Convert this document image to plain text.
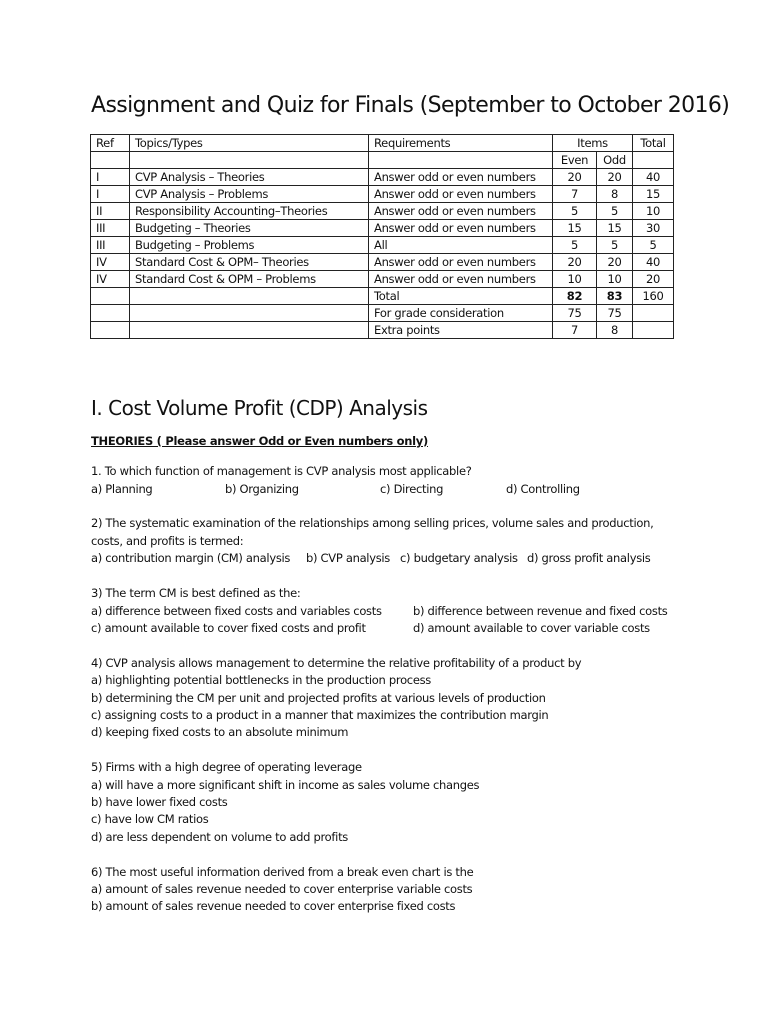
Assignment and Quiz for Finals (September to October 2016)
Ref	Topics/Types	Requirements	Items		Total
			Even	Odd	
I	CVP Analysis – Theories	Answer odd or even numbers	20	20	40
I	CVP Analysis – Problems	Answer odd or even numbers	7	8	15
II	Responsibility Accounting–Theories	Answer odd or even numbers	5	5	10
III	Budgeting – Theories	Answer odd or even numbers	15	15	30
III	Budgeting – Problems	All	5	5	5
IV	Standard Cost & OPM– Theories	Answer odd or even numbers	20	20	40
IV	Standard Cost & OPM – Problems	Answer odd or even numbers	10	10	20
		Total	82	83	160
		For grade consideration	75	75	
		Extra points	7	8	
I. Cost Volume Profit (CDP) Analysis
THEORIES ( Please answer Odd or Even numbers only)
1. To which function of management is CVP analysis most applicable?
a) Planning	b) Organizing	c) Directing	d) Controlling
2) The systematic examination of the relationships among selling prices, volume sales and production,
costs, and profits is termed:
a) contribution margin (CM) analysis b) CVP analysis c) budgetary analysis d) gross profit analysis
3) The term CM is best defined as the:
a) difference between fixed costs and variables costs	b) difference between revenue and fixed costs
c) amount available to cover fixed costs and profit	d) amount available to cover variable costs
4) CVP analysis allows management to determine the relative profitability of a product by
a) highlighting potential bottlenecks in the production process
b) determining the CM per unit and projected profits at various levels of production
c) assigning costs to a product in a manner that maximizes the contribution margin
d) keeping fixed costs to an absolute minimum
5) Firms with a high degree of operating leverage
a) will have a more significant shift in income as sales volume changes
b) have lower fixed costs
c) have low CM ratios
d) are less dependent on volume to add profits
6) The most useful information derived from a break even chart is the
a) amount of sales revenue needed to cover enterprise variable costs
b) amount of sales revenue needed to cover enterprise fixed costs
